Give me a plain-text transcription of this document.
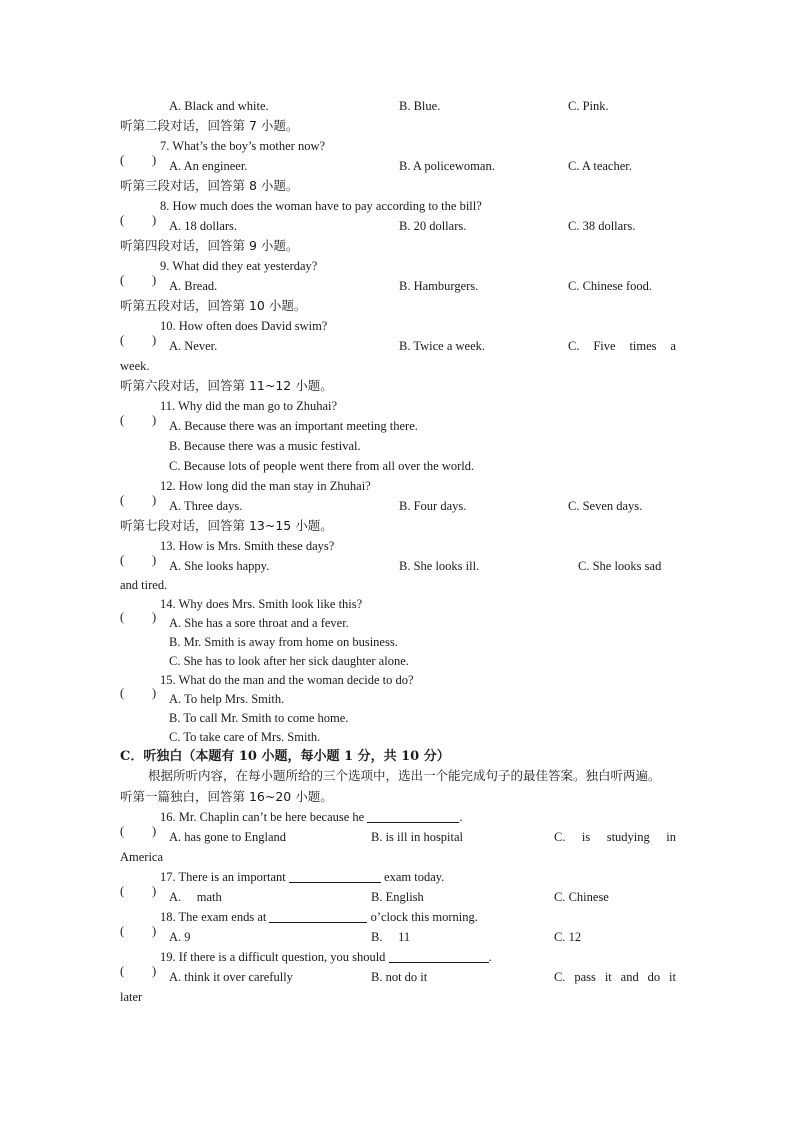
A. Black and white.	B. Blue.	C. Pink.
听第二段对话，回答第 7 小题。
( )
7. What’s the boy’s mother now?
A. An engineer.	B. A policewoman.	C. A teacher.
听第三段对话，回答第 8 小题。
( )
8. How much does the woman have to pay according to the bill?
A. 18 dollars.	B. 20 dollars.	C. 38 dollars.
听第四段对话，回答第 9 小题。
( )
9. What did they eat yesterday?
A. Bread.	B. Hamburgers.	C. Chinese food.
听第五段对话，回答第 10 小题。
( )
10. How often does David swim?
A. Never.	B. Twice a week.	C. Five times a
week.
听第六段对话，回答第 11~12 小题。
( )
11. Why did the man go to Zhuhai?
A. Because there was an important meeting there.
B. Because there was a music festival.
C. Because lots of people went there from all over the world.
( )
12. How long did the man stay in Zhuhai?
A. Three days.	B. Four days.	C. Seven days.
听第七段对话，回答第 13~15 小题。
( )
13. How is Mrs. Smith these days?
A. She looks happy.	B. She looks ill.	C. She looks sad
and tired.
( )
14. Why does Mrs. Smith look like this?
A. She has a sore throat and a fever.
B. Mr. Smith is away from home on business.
C. She has to look after her sick daughter alone.
( )
15. What do the man and the woman decide to do?
A. To help Mrs. Smith.
B. To call Mr. Smith to come home.
C. To take care of Mrs. Smith.
C．听独白（本题有 10 小题，每小题 1 分，共 10 分）
根据所听内容，在每小题所给的三个选项中，选出一个能完成句子的最佳答案。独白听两遍。
听第一篇独白，回答第 16~20 小题。
( )
16. Mr. Chaplin can’t be here because he	.
A. has gone to England	B. is ill in hospital	C. is studying in
America
( )
17. There is an important	exam today.
A.     math	B. English	C. Chinese
( )
18. The exam ends at	o’clock this morning.
A. 9	B.     11	C. 12
( )
19. If there is a difficult question, you should	.
A. think it over carefully	B. not do it	C. pass it and do it
later
